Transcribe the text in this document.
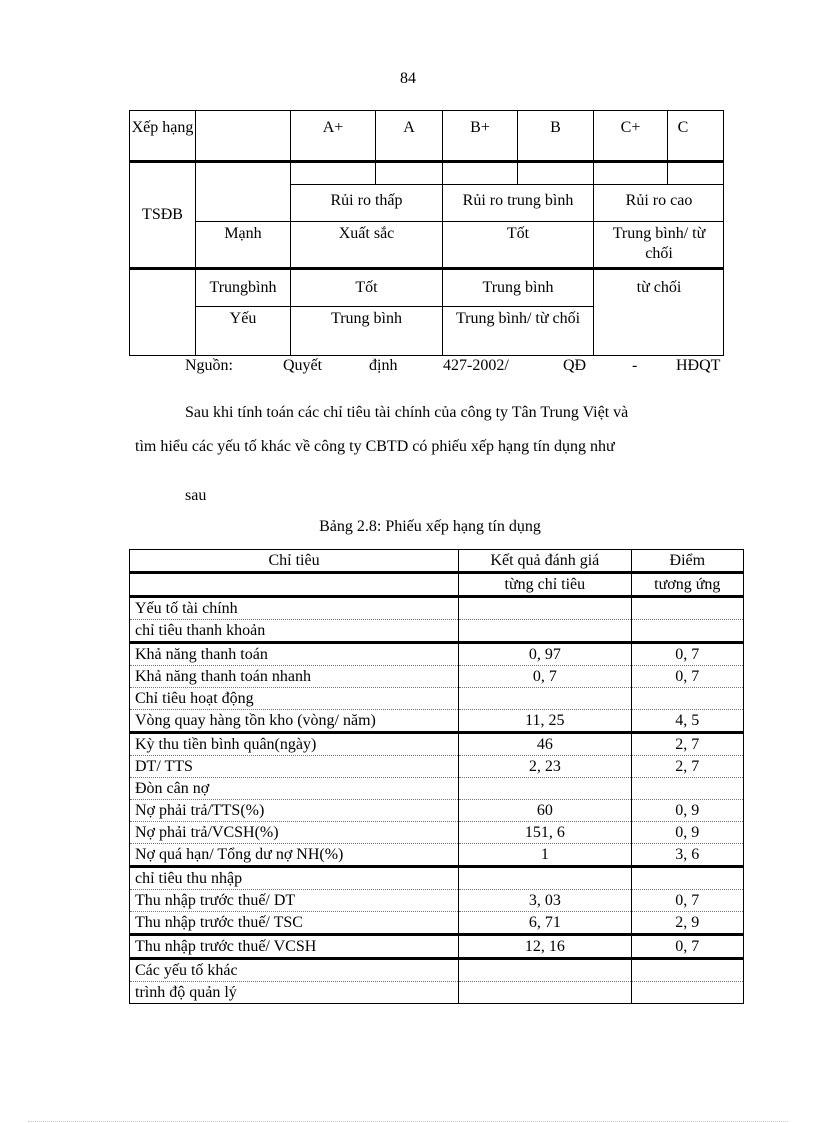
84
Xếp hạng	A+	A	B+	B	C+	C
TSĐB
Rủi ro thấp	Rủi ro trung bình	Rủi ro cao
Mạnh	Xuất sắc	Tốt	Trung bình/ từ chối
Trungbình	Tốt	Trung bình	từ chối
Yếu	Trung bình	Trung bình/ từ chối
Nguồn:	Quyết	định	427-2002/	QĐ	- HĐQT
Sau khi tính toán các chỉ tiêu tài chính của công ty Tân Trung Việt và
tìm hiểu các yếu tố khác về công ty CBTD có phiếu xếp hạng tín dụng như
sau
Bảng 2.8: Phiếu xếp hạng tín dụng
Chỉ tiêu	Kết quả đánh giá	Điểm
	từng chỉ tiêu	tương ứng
Yếu tố tài chính		
chỉ tiêu thanh khoản		
Khả năng thanh toán	0, 97	0, 7
Khả năng thanh toán nhanh	0, 7	0, 7
Chỉ tiêu hoạt động		
Vòng quay hàng tồn kho (vòng/ năm)	11, 25	4, 5
Kỳ thu tiền bình quân(ngày)	46	2, 7
DT/ TTS	2, 23	2, 7
Đòn cân nợ		
Nợ phải trả/TTS(%)	60	0, 9
Nợ phải trả/VCSH(%)	151, 6	0, 9
Nợ quá hạn/ Tổng dư nợ NH(%)	1	3, 6
chỉ tiêu thu nhập		
Thu nhập trước thuế/ DT	3, 03	0, 7
Thu nhập trước thuế/ TSC	6, 71	2, 9
Thu nhập trước thuế/ VCSH	12, 16	0, 7
Các yếu tố khác		
trình độ quản lý		
